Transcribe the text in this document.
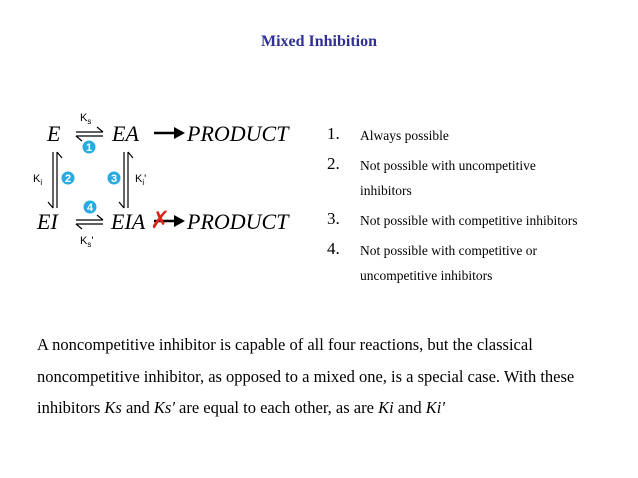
Mixed Inhibition
E EA PRODUCT
EI EIA PRODUCT
$K_s$
$K_s'$
$K_i$	$K_i'$
✗
1
2	3
4
1. Always possible
2. Not possible with uncompetitive
inhibitors
3. Not possible with competitive inhibitors
4. Not possible with competitive or
uncompetitive inhibitors
A noncompetitive inhibitor is capable of all four reactions, but the classical
noncompetitive inhibitor, as opposed to a mixed one, is a special case. With these
inhibitors Ks and Ks' are equal to each other, as are Ki and Ki'
